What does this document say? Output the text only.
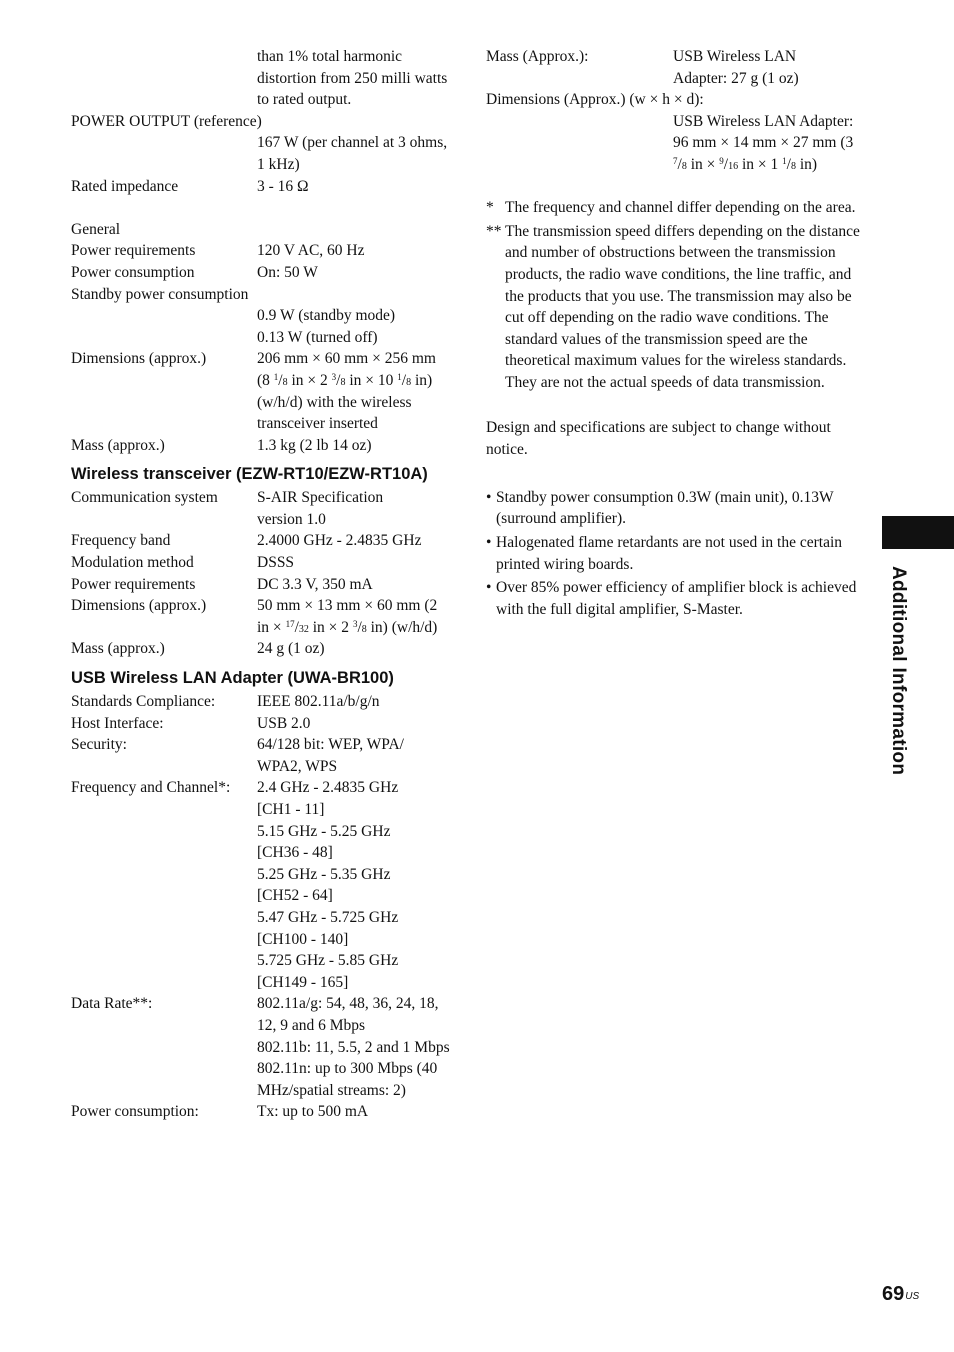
than 1% total harmonic distortion from 250 milli watts to rated output.
POWER OUTPUT (reference)
167 W (per channel at 3 ohms, 1 kHz)
Rated impedance	3 - 16 Ω
General
Power requirements	120 V AC, 60 Hz
Power consumption	On: 50 W
Standby power consumption
0.9 W (standby mode)
0.13 W (turned off)
Dimensions (approx.)	206 mm × 60 mm × 256 mm (8 $^1$/8 in × 2 $^3$/8 in × 10 $^1$/8 in) (w/h/d) with the wireless transceiver inserted
Mass (approx.)	1.3 kg (2 lb 14 oz)
Wireless transceiver (EZW-RT10/EZW-RT10A)
Communication system	S-AIR Specification version 1.0
Frequency band	2.4000 GHz - 2.4835 GHz
Modulation method	DSSS
Power requirements	DC 3.3 V, 350 mA
Dimensions (approx.)	50 mm × 13 mm × 60 mm (2 in × $^{17}$/32 in × 2 $^3$/8 in) (w/h/d)
Mass (approx.)	24 g (1 oz)
USB Wireless LAN Adapter (UWA-BR100)
Standards Compliance:	IEEE 802.11a/b/g/n
Host Interface:	USB 2.0
Security:	64/128 bit: WEP, WPA/ WPA2, WPS
Frequency and Channel*: 2.4 GHz - 2.4835 GHz [CH1 - 11]
5.15 GHz - 5.25 GHz [CH36 - 48]
5.25 GHz - 5.35 GHz [CH52 - 64]
5.47 GHz - 5.725 GHz [CH100 - 140]
5.725 GHz - 5.85 GHz [CH149 - 165]
Data Rate**:	802.11a/g: 54, 48, 36, 24, 18, 12, 9 and 6 Mbps
802.11b: 11, 5.5, 2 and 1 Mbps
802.11n: up to 300 Mbps (40 MHz/spatial streams: 2)
Power consumption:	Tx: up to 500 mA
Mass (Approx.):	USB Wireless LAN Adapter: 27 g (1 oz)
Dimensions (Approx.) (w × h × d):
USB Wireless LAN Adapter: 96 mm × 14 mm × 27 mm (3 $^7$/8 in × $^9$/16 in × 1 $^1$/8 in)
* The frequency and channel differ depending on the area.
** The transmission speed differs depending on the distance and number of obstructions between the transmission products, the radio wave conditions, the line traffic, and the products that you use. The transmission may also be cut off depending on the radio wave conditions. The standard values of the transmission speed are the theoretical maximum values for the wireless standards. They are not the actual speeds of data transmission.
Design and specifications are subject to change without notice.
• Standby power consumption 0.3W (main unit), 0.13W (surround amplifier).
• Halogenated flame retardants are not used in the certain printed wiring boards.
• Over 85% power efficiency of amplifier block is achieved with the full digital amplifier, S-Master.	Additional Information
$69^{US}$
